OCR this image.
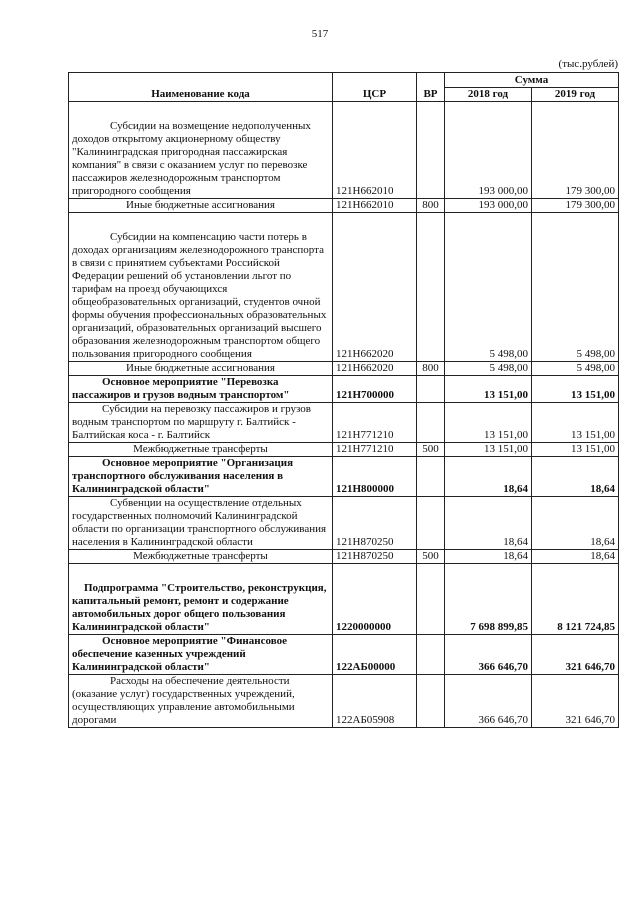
517
(тыс.рублей)
Наименование кода	ЦСР	ВР	Сумма	
			2018 год	2019 год
Субсидии на возмещение недополученных доходов открытому акционерному обществу "Калининградская пригородная пассажирская компания" в связи с оказанием услуг по перевозке пассажиров железнодорожным транспортом пригородного сообщения	121Н662010		193 000,00	179 300,00
Иные бюджетные ассигнования	121Н662010	800	193 000,00	179 300,00
Субсидии на компенсацию части потерь в доходах организациям железнодорожного транспорта в связи с принятием субъектами Российской Федерации решений об установлении льгот по тарифам на проезд обучающихся общеобразовательных организаций, студентов очной формы обучения профессиональных образовательных организаций, образовательных организаций высшего образования железнодорожным транспортом общего пользования пригородного сообщения	121Н662020		5 498,00	5 498,00
Иные бюджетные ассигнования	121Н662020	800	5 498,00	5 498,00
Основное мероприятие "Перевозка пассажиров и грузов водным транспортом"	121Н700000		13 151,00	13 151,00
Субсидии на перевозку пассажиров и грузов водным транспортом по маршруту г. Балтийск - Балтийская коса - г. Балтийск	121Н771210		13 151,00	13 151,00
Межбюджетные трансферты	121Н771210	500	13 151,00	13 151,00
Основное мероприятие "Организация транспортного обслуживания населения в Калининградской области"	121Н800000		18,64	18,64
Субвенции на осуществление отдельных государственных полномочий Калининградской области по организации транспортного обслуживания населения в Калининградской области	121Н870250		18,64	18,64
Межбюджетные трансферты	121Н870250	500	18,64	18,64
Подпрограмма "Строительство, реконструкция, капитальный ремонт, ремонт и содержание автомобильных дорог общего пользования Калининградской области"	1220000000		7 698 899,85	8 121 724,85
Основное мероприятие "Финансовое обеспечение казенных учреждений Калининградской области"	122АБ00000		366 646,70	321 646,70
Расходы на обеспечение деятельности (оказание услуг) государственных учреждений, осуществляющих управление автомобильными дорогами	122АБ05908		366 646,70	321 646,70
